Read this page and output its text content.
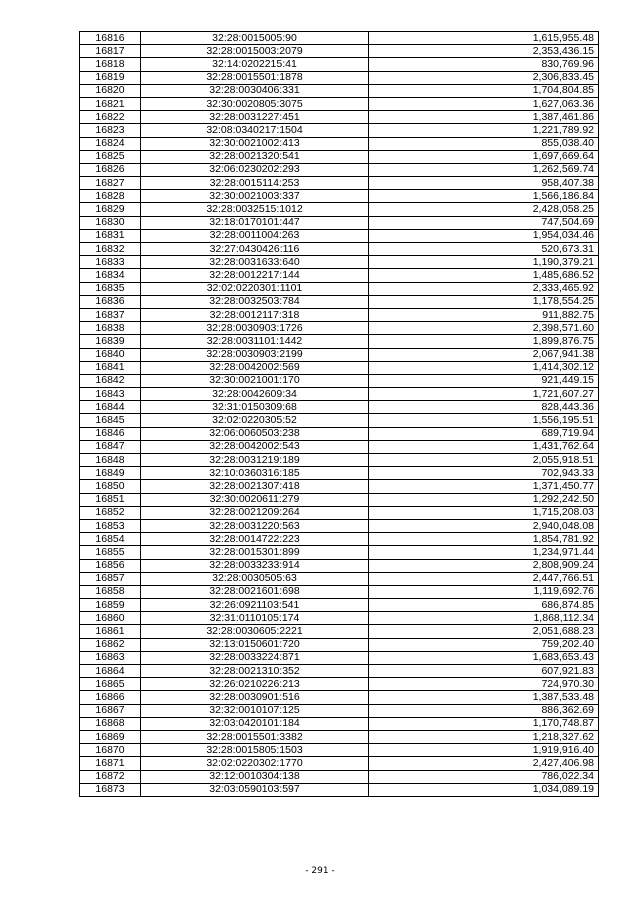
16816	32:28:0015005:90	1,615,955.48
16817	32:28:0015003:2079	2,353,436.15
16818	32:14:0202215:41	830,769.96
16819	32:28:0015501:1878	2,306,833.45
16820	32:28:0030406:331	1,704,804.85
16821	32:30:0020805:3075	1,627,063.36
16822	32:28:0031227:451	1,387,461.86
16823	32:08:0340217:1504	1,221,789.92
16824	32:30:0021002:413	855,038.40
16825	32:28:0021320:541	1,697,669.64
16826	32:06:0230202:293	1,262,569.74
16827	32:28:0015114:253	958,407.38
16828	32:30:0021003:337	1,566,186.84
16829	32:28:0032515:1012	2,428,058.25
16830	32:18:0170101:447	747,504.69
16831	32:28:0011004:263	1,954,034.46
16832	32:27:0430426:116	520,673.31
16833	32:28:0031633:640	1,190,379.21
16834	32:28:0012217:144	1,485,686.52
16835	32:02:0220301:1101	2,333,465.92
16836	32:28:0032503:784	1,178,554.25
16837	32:28:0012117:318	911,882.75
16838	32:28:0030903:1726	2,398,571.60
16839	32:28:0031101:1442	1,899,876.75
16840	32:28:0030903:2199	2,067,941.38
16841	32:28:0042002:569	1,414,302.12
16842	32:30:0021001:170	921,449.15
16843	32:28:0042609:34	1,721,607.27
16844	32:31:0150309:68	828,443.36
16845	32:02:0220305:52	1,556,195.51
16846	32:06:0060503:238	689,719.94
16847	32:28:0042002:543	1,431,762.64
16848	32:28:0031219:189	2,055,918.51
16849	32:10:0360316:185	702,943.33
16850	32:28:0021307:418	1,371,450.77
16851	32:30:0020611:279	1,292,242.50
16852	32:28:0021209:264	1,715,208.03
16853	32:28:0031220:563	2,940,048.08
16854	32:28:0014722:223	1,854,781.92
16855	32:28:0015301:899	1,234,971.44
16856	32:28:0033233:914	2,808,909.24
16857	32:28:0030505:63	2,447,766.51
16858	32:28:0021601:698	1,119,692.76
16859	32:26:0921103:541	686,874.85
16860	32:31:0110105:174	1,868,112.34
16861	32:28:0030605:2221	2,051,688.23
16862	32:13:0150601:720	759,202.40
16863	32:28:0033224:871	1,683,653.43
16864	32:28:0021310:352	607,921.83
16865	32:26:0210226:213	724,970.30
16866	32:28:0030901:516	1,387,533.48
16867	32:32:0010107:125	886,362.69
16868	32:03:0420101:184	1,170,748.87
16869	32:28:0015501:3382	1,218,327.62
16870	32:28:0015805:1503	1,919,916.40
16871	32:02:0220302:1770	2,427,406.98
16872	32:12:0010304:138	786,022.34
16873	32:03:0590103:597	1,034,089.19
- 291 -
